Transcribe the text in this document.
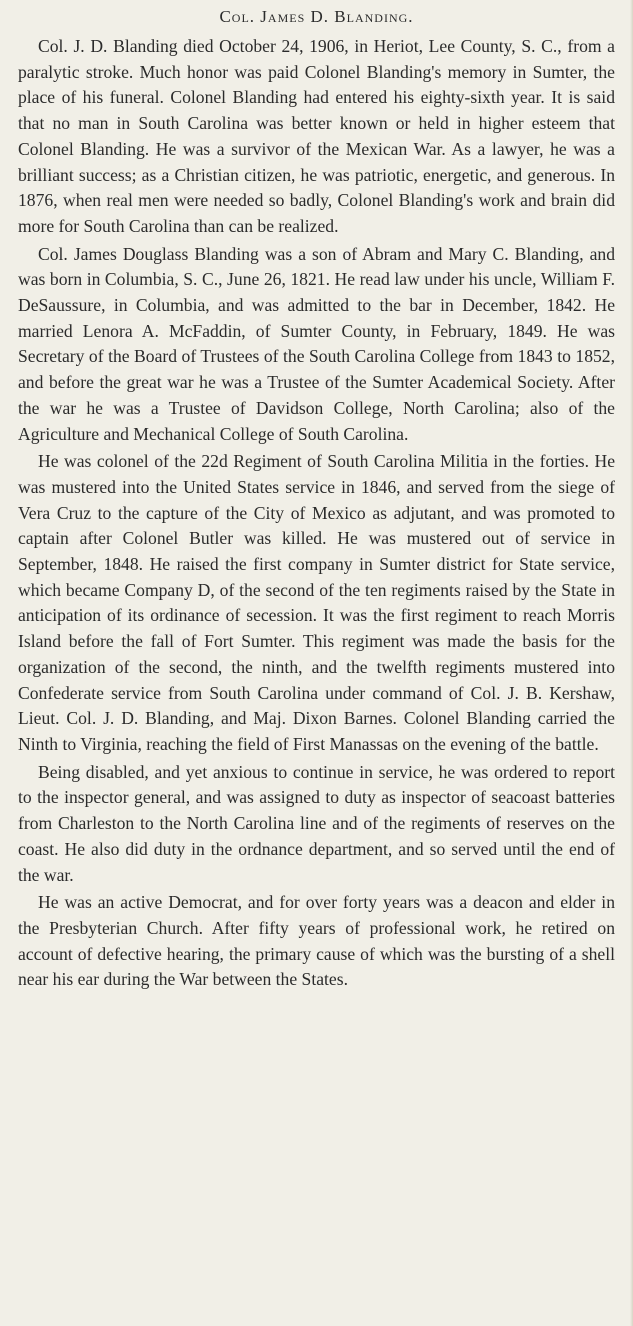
Col. James D. Blanding.

Col. J. D. Blanding died October 24, 1906, in Heriot, Lee County, S. C., from a paralytic stroke. Much honor was paid Colonel Blanding's memory in Sumter, the place of his funeral. Colonel Blanding had entered his eighty-sixth year. It is said that no man in South Carolina was better known or held in higher esteem that Colonel Blanding. He was a survivor of the Mexican War. As a lawyer, he was a brilliant success; as a Christian citizen, he was patriotic, energetic, and generous. In 1876, when real men were needed so badly, Colonel Blanding's work and brain did more for South Carolina than can be realized.

Col. James Douglass Blanding was a son of Abram and Mary C. Blanding, and was born in Columbia, S. C., June 26, 1821. He read law under his uncle, William F. DeSaussure, in Columbia, and was admitted to the bar in December, 1842. He married Lenora A. McFaddin, of Sumter County, in February, 1849. He was Secretary of the Board of Trustees of the South Carolina College from 1843 to 1852, and before the great war he was a Trustee of the Sumter Academical Society. After the war he was a Trustee of Davidson College, North Carolina; also of the Agriculture and Mechanical College of South Carolina.

He was colonel of the 22d Regiment of South Carolina Militia in the forties. He was mustered into the United States service in 1846, and served from the siege of Vera Cruz to the capture of the City of Mexico as adjutant, and was promoted to captain after Colonel Butler was killed. He was mustered out of service in September, 1848. He raised the first company in Sumter district for State service, which became Company D, of the second of the ten regiments raised by the State in anticipation of its ordinance of secession. It was the first regiment to reach Morris Island before the fall of Fort Sumter. This regiment was made the basis for the organization of the second, the ninth, and the twelfth regiments mustered into Confederate service from South Carolina under command of Col. J. B. Kershaw, Lieut. Col. J. D. Blanding, and Maj. Dixon Barnes. Colonel Blanding carried the Ninth to Virginia, reaching the field of First Manassas on the evening of the battle.

Being disabled, and yet anxious to continue in service, he was ordered to report to the inspector general, and was assigned to duty as inspector of seacoast batteries from Charleston to the North Carolina line and of the regiments of reserves on the coast. He also did duty in the ordnance department, and so served until the end of the war.

He was an active Democrat, and for over forty years was a deacon and elder in the Presbyterian Church. After fifty years of professional work, he retired on account of defective hearing, the primary cause of which was the bursting of a shell near his ear during the War between the States.
